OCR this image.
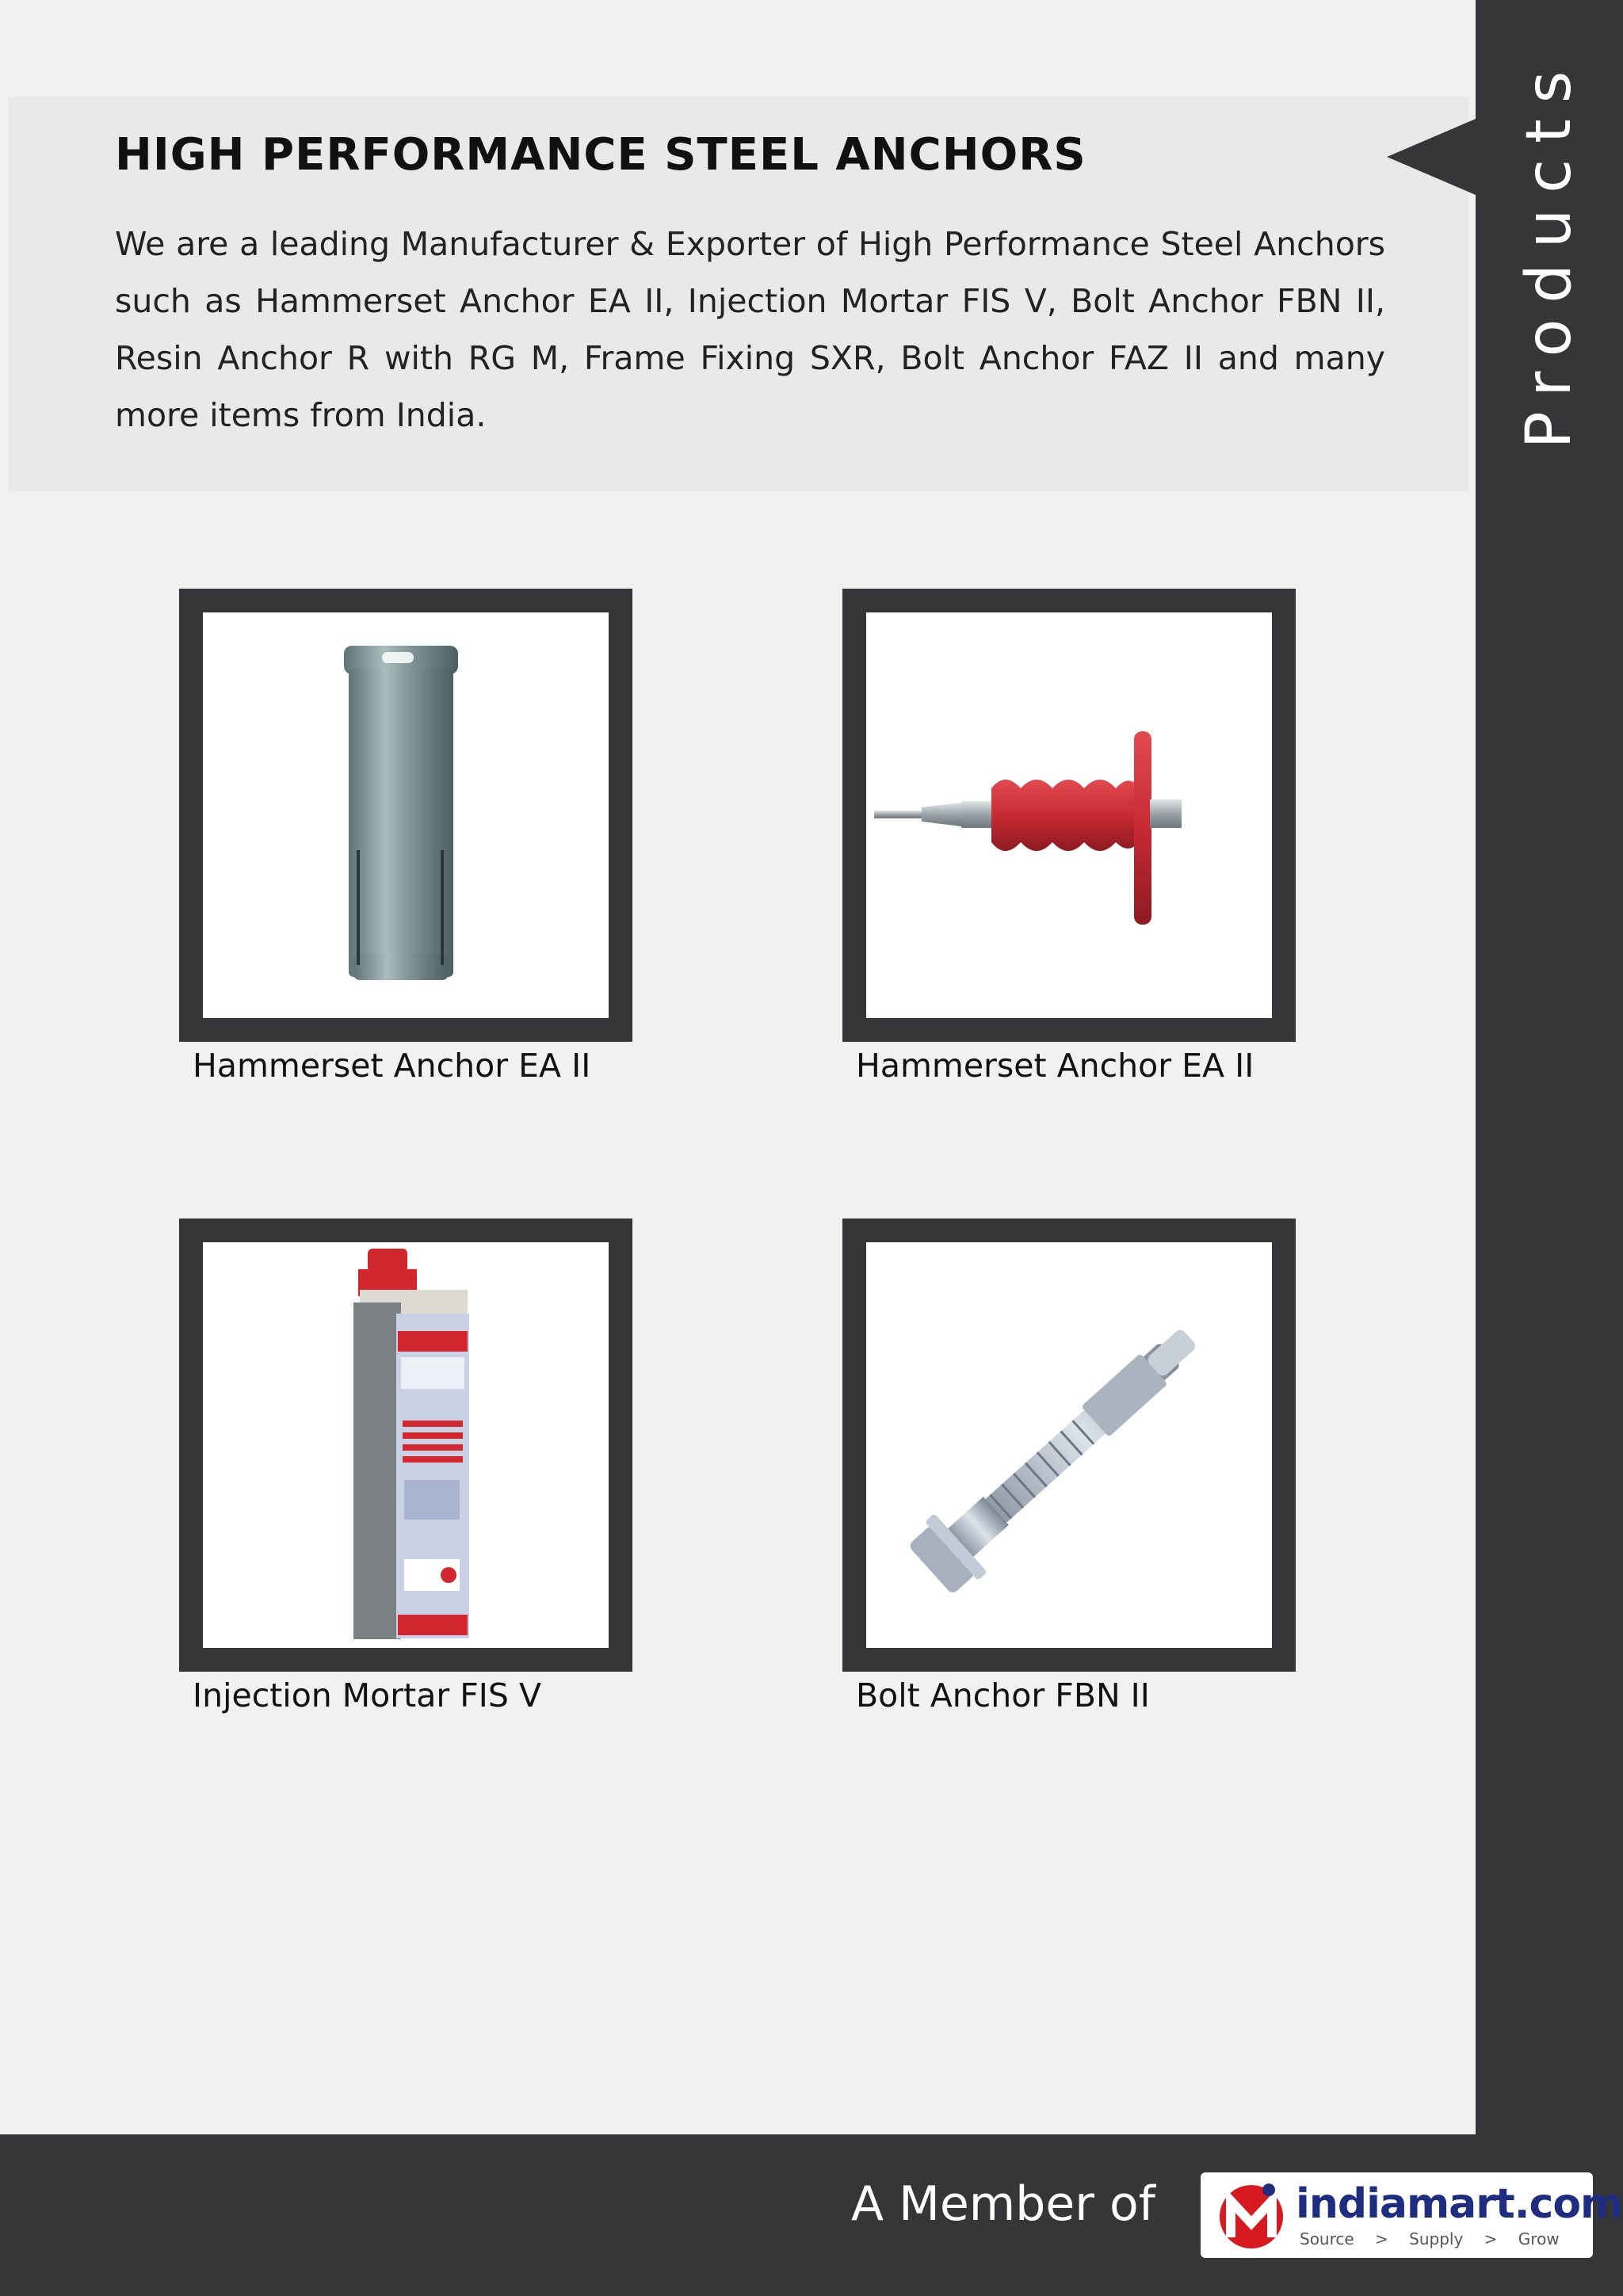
HIGH PERFORMANCE STEEL ANCHORS

We are a leading Manufacturer & Exporter of High Performance Steel Anchors such as Hammerset Anchor EA II, Injection Mortar FIS V, Bolt Anchor FBN II, Resin Anchor R with RG M, Frame Fixing SXR, Bolt Anchor FAZ II and many more items from India.	Products
Hammerset Anchor EA II	Hammerset Anchor EA II
Injection Mortar FIS V	Bolt Anchor FBN II
A Member of	indiamart.com
Source > Supply > Grow
